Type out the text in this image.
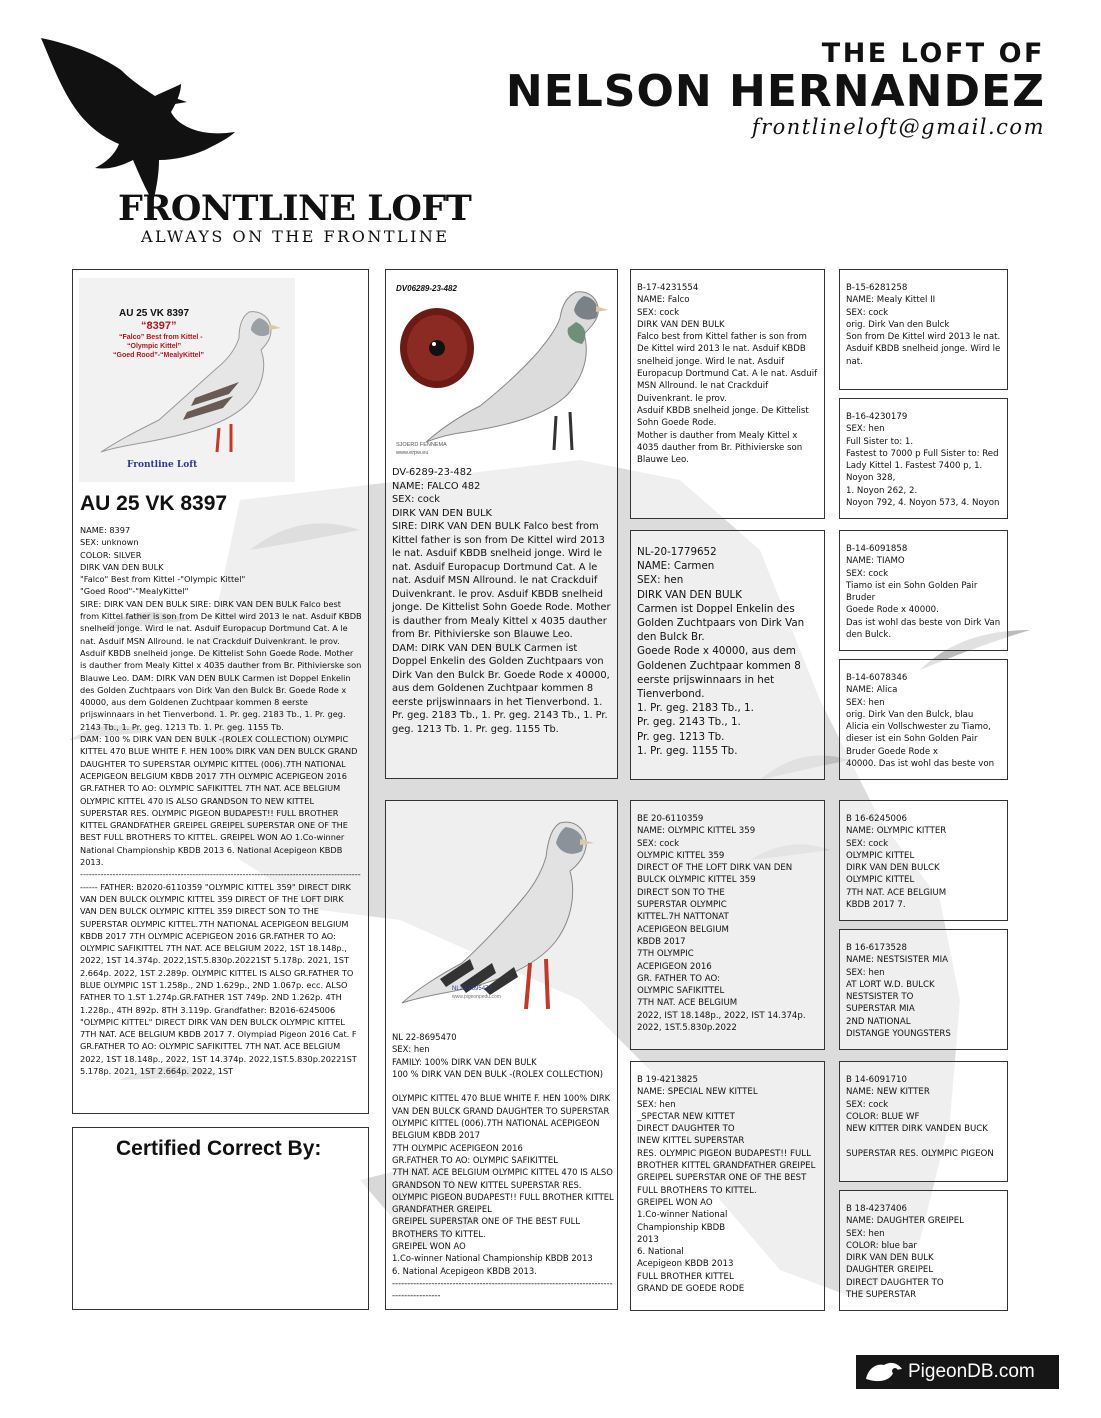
THE LOFT OF
NELSON HERNANDEZ
frontlineloft@gmail.com
FRONTLINE LOFT
ALWAYS ON THE FRONTLINE
AU 25 VK 8397
“8397”
“Falco” Best from Kittel -
“Olympic Kittel”
“Goed Rood”-“MealyKittel”
Frontline Loft
AU 25 VK 8397
NAME: 8397
SEX: unknown
COLOR: SILVER
DIRK VAN DEN BULK
"Falco" Best from Kittel -"Olympic Kittel"
"Goed Rood"-"MealyKittel"
SIRE: DIRK VAN DEN BULK SIRE: DIRK VAN DEN BULK Falco best from Kittel father is son from De Kittel wird 2013 le nat. Asduif KBDB snelheid jonge. Wird le nat. Asduif Europacup Dortmund Cat. A le nat. Asduif MSN Allround. le nat Crackduif Duivenkrant. le prov. Asduif KBDB snelheid jonge. De Kittelist Sohn Goede Rode. Mother is dauther from Mealy Kittel x 4035 dauther from Br. Pithivierske son Blauwe Leo. DAM: DIRK VAN DEN BULK Carmen ist Doppel Enkelin des Golden Zuchtpaars von Dirk Van den Bulck Br. Goede Rode x 40000, aus dem Goldenen Zuchtpaar kommen 8 eerste prijswinnaars in het Tienverbond. 1. Pr. geg. 2183 Tb., 1. Pr. geg. 2143 Tb., 1. Pr. geg. 1213 Tb. 1. Pr. geg. 1155 Tb.
DAM: 100 % DIRK VAN DEN BULK -(ROLEX COLLECTION) OLYMPIC KITTEL 470 BLUE WHITE F. HEN 100% DIRK VAN DEN BULCK GRAND DAUGHTER TO SUPERSTAR OLYMPIC KITTEL (006).7TH NATIONAL ACEPIGEON BELGIUM KBDB 2017 7TH OLYMPIC ACEPIGEON 2016 GR.FATHER TO AO: OLYMPIC SAFIKITTEL 7TH NAT. ACE BELGIUM OLYMPIC KITTEL 470 IS ALSO GRANDSON TO NEW KITTEL SUPERSTAR RES. OLYMPIC PIGEON BUDAPEST!! FULL BROTHER KITTEL GRANDFATHER GREIPEL GREIPEL SUPERSTAR ONE OF THE BEST FULL BROTHERS TO KITTEL. GREIPEL WON AO 1.Co-winner National Championship KBDB 2013 6. National Acepigeon KBDB 2013.
-----------------------------------------------------------------------------------------------
------ FATHER: B2020-6110359 "OLYMPIC KITTEL 359" DIRECT DIRK VAN DEN BULCK OLYMPIC KITTEL 359 DIRECT OF THE LOFT DIRK VAN DEN BULCK OLYMPIC KITTEL 359 DIRECT SON TO THE SUPERSTAR OLYMPIC KITTEL.7TH NATIONAL ACEPIGEON BELGIUM KBDB 2017 7TH OLYMPIC ACEPIGEON 2016 GR.FATHER TO AO: OLYMPIC SAFIKITTEL 7TH NAT. ACE BELGIUM 2022, 1ST 18.148p., 2022, 1ST 14.374p. 2022,1ST.5.830p.20221ST 5.178p. 2021, 1ST 2.664p. 2022, 1ST 2.289p. OLYMPIC KITTEL IS ALSO GR.FATHER TO BLUE OLYMPIC 1ST 1.258p., 2ND 1.629p., 2ND 1.067p. ecc. ALSO FATHER TO 1.ST 1.274p.GR.FATHER 1ST 749p. 2ND 1.262p. 4TH 1.228p., 4TH 892p. 8TH 3.119p. Grandfather: B2016-6245006 "OLYMPIC KITTEL" DIRECT DIRK VAN DEN BULCK OLYMPIC KITTEL 7TH NAT. ACE BELGIUM KBDB 2017 7. Olympiad Pigeon 2016 Cat. F GR.FATHER TO AO: OLYMPIC SAFIKITTEL 7TH NAT. ACE BELGIUM 2022, 1ST 18.148p., 2022, 1ST 14.374p. 2022,1ST.5.830p.20221ST 5.178p. 2021, 1ST 2.664p. 2022, 1ST
DV06289-23-482
SJOERD FENNEMA
www.erpw.eu
DV-6289-23-482
NAME: FALCO 482
SEX: cock
DIRK VAN DEN BULK
SIRE: DIRK VAN DEN BULK Falco best from Kittel father is son from De Kittel wird 2013 le nat. Asduif KBDB snelheid jonge. Wird le nat. Asduif Europacup Dortmund Cat. A le nat. Asduif MSN Allround. le nat Crackduif Duivenkrant. le prov. Asduif KBDB snelheid jonge. De Kittelist Sohn Goede Rode. Mother is dauther from Mealy Kittel x 4035 dauther from Br. Pithivierske son Blauwe Leo.
DAM: DIRK VAN DEN BULK Carmen ist Doppel Enkelin des Golden Zuchtpaars von Dirk Van den Bulck Br. Goede Rode x 40000, aus dem Goldenen Zuchtpaar kommen 8 eerste prijswinnaars in het Tienverbond. 1. Pr. geg. 2183 Tb., 1. Pr. geg. 2143 Tb., 1. Pr. geg. 1213 Tb. 1. Pr. geg. 1155 Tb.
NL22-8695470
www.pigeonpedu.com
NL 22-8695470
SEX: hen
FAMILY: 100% DIRK VAN DEN BULK
100 % DIRK VAN DEN BULK -(ROLEX COLLECTION)

OLYMPIC KITTEL 470 BLUE WHITE F. HEN 100% DIRK VAN DEN BULCK GRAND DAUGHTER TO SUPERSTAR OLYMPIC KITTEL (006).7TH NATIONAL ACEPIGEON BELGIUM KBDB 2017
7TH OLYMPIC ACEPIGEON 2016
GR.FATHER TO AO: OLYMPIC SAFIKITTEL
7TH NAT. ACE BELGIUM OLYMPIC KITTEL 470 IS ALSO GRANDSON TO NEW KITTEL SUPERSTAR RES. OLYMPIC PIGEON BUDAPEST!! FULL BROTHER KITTEL
GRANDFATHER GREIPEL
GREIPEL SUPERSTAR ONE OF THE BEST FULL BROTHERS TO KITTEL.
GREIPEL WON AO
1.Co-winner National Championship KBDB 2013
6. National Acepigeon KBDB 2013.
-----------------------------------------------------------------------------------------
B-17-4231554
NAME: Falco
SEX: cock
DIRK VAN DEN BULK
Falco best from Kittel father is son from De Kittel wird 2013 le nat. Asduif KBDB snelheid jonge. Wird le nat. Asduif Europacup Dortmund Cat. A le nat. Asduif MSN Allround. le nat Crackduif Duivenkrant. le prov.
Asduif KBDB snelheid jonge. De Kittelist Sohn Goede Rode.
Mother is dauther from Mealy Kittel x 4035 dauther from Br. Pithivierske son
Blauwe Leo.
NL-20-1779652
NAME: Carmen
SEX: hen
DIRK VAN DEN BULK
Carmen ist Doppel Enkelin des Golden Zuchtpaars von Dirk Van den Bulck Br.
Goede Rode x 40000, aus dem Goldenen Zuchtpaar kommen 8 eerste prijswinnaars in het Tienverbond.
1. Pr. geg. 2183 Tb., 1.
Pr. geg. 2143 Tb., 1.
Pr. geg. 1213 Tb.
1. Pr. geg. 1155 Tb.
BE 20-6110359
NAME: OLYMPIC KITTEL 359
SEX: cock
OLYMPIC KITTEL 359
DIRECT OF THE LOFT DIRK VAN DEN BULCK OLYMPIC KITTEL 359
DIRECT SON TO THE
SUPERSTAR OLYMPIC
KITTEL.7H NATTONAT
ACEPIGEON BELGIUM
KBDB 2017
7TH OLYMPIC
ACEPIGEON 2016
GR. FATHER TO AO:
OLYMPIC SAFIKITTEL
7TH NAT. ACE BELGIUM
2022, IST 18.148p., 2022, IST 14.374p.
2022, 1ST.5.830p.2022
B 19-4213825
NAME: SPECIAL NEW KITTEL
SEX: hen
_SPECTAR NEW KITTET
DIRECT DAUGHTER TO
INEW KITTEL SUPERSTAR
RES. OLYMPIC PIGEON BUDAPEST!! FULL BROTHER KITTEL GRANDFATHER GREIPEL GREIPEL SUPERSTAR ONE OF THE BEST FULL BROTHERS TO KITTEL.
GREIPEL WON AO
1.Co-winner National
Championship KBDB
2013
6. National
Acepigeon KBDB 2013
FULL BROTHER KITTEL
GRAND DE GOEDE RODE
B-15-6281258
NAME: Mealy Kittel II
SEX: cock
orig. Dirk Van den Bulck
Son from De Kittel wird 2013 le nat.
Asduif KBDB snelheid jonge. Wird le nat.
B-16-4230179
SEX: hen
Full Sister to: 1.
Fastest to 7000 p Full Sister to: Red Lady Kittel 1. Fastest 7400 p, 1.
Noyon 328,
1. Noyon 262, 2.
Noyon 792, 4. Noyon 573, 4. Noyon
B-14-6091858
NAME: TIAMO
SEX: cock
Tiamo ist ein Sohn Golden Pair Bruder
Goede Rode x 40000.
Das ist wohl das beste von Dirk Van den Bulck.
B-14-6078346
NAME: Alica
SEX: hen
orig. Dirk Van den Bulck, blau
Alicia ein Vollschwester zu Tiamo, dieser ist ein Sohn Golden Pair Bruder Goede Rode x
40000. Das ist wohl das beste von
B 16-6245006
NAME: OLYMPIC KITTER
SEX: cock
OLYMPIC KITTEL
DIRK VAN DEN BULCK
OLYMPIC KITTEL
7TH NAT. ACE BELGIUM
KBDB 2017 7.
B 16-6173528
NAME: NESTSISTER MIA
SEX: hen
AT LORT W.D. BULCK
NESTSISTER TO
SUPERSTAR MIA
2ND NATIONAL
DISTANGE YOUNGSTERS
B 14-6091710
NAME: NEW KITTER
SEX: cock
COLOR: BLUE WF
NEW KITTER DIRK VANDEN BUCK

SUPERSTAR RES. OLYMPIC PIGEON
B 18-4237406
NAME: DAUGHTER GREIPEL
SEX: hen
COLOR: blue bar
DIRK VAN DEN BULK
DAUGHTER GREIPEL
DIRECT DAUGHTER TO
THE SUPERSTAR
Certified Correct By:
PigeonDB.com
